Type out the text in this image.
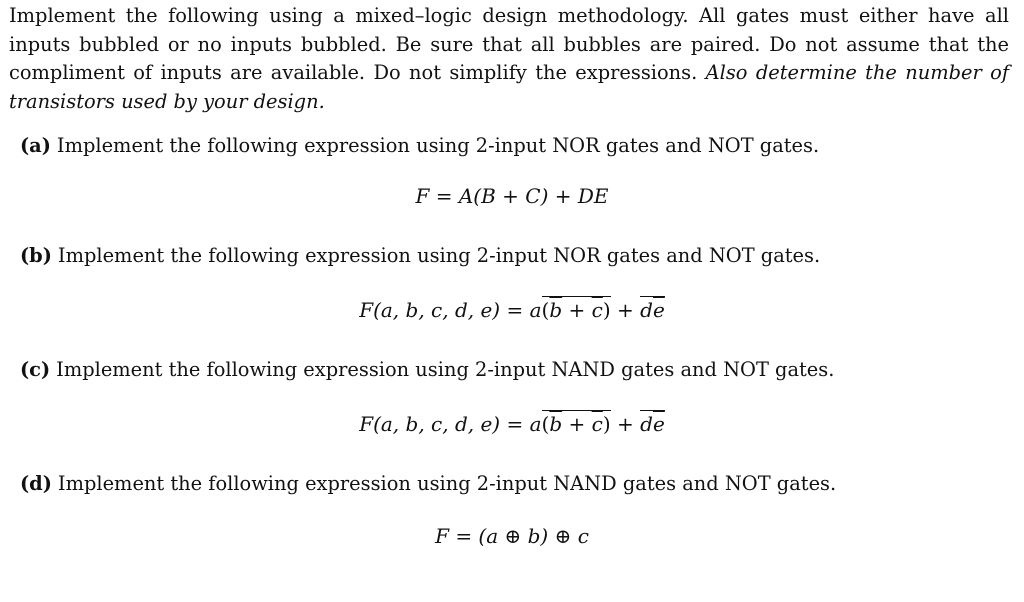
Implement the following using a mixed–logic design methodology. All gates must either have all inputs bubbled or no inputs bubbled. Be sure that all bubbles are paired. Do not assume that the compliment of inputs are available. Do not simplify the expressions. Also determine the number of transistors used by your design.
(a) Implement the following expression using 2-input NOR gates and NOT gates.
F = A(B + C) + DE
(b) Implement the following expression using 2-input NOR gates and NOT gates.
F(a, b, c, d, $e) = a(\overline{b} + \overline{c}) + d\overline{e}$
(c) Implement the following expression using 2-input NAND gates and NOT gates.
F(a, b, c, d, $e) = a(\overline{b} + \overline{c}) + d\overline{e}$
(d) Implement the following expression using 2-input NAND gates and NOT gates.
F = (a ⊕ b) ⊕ c
